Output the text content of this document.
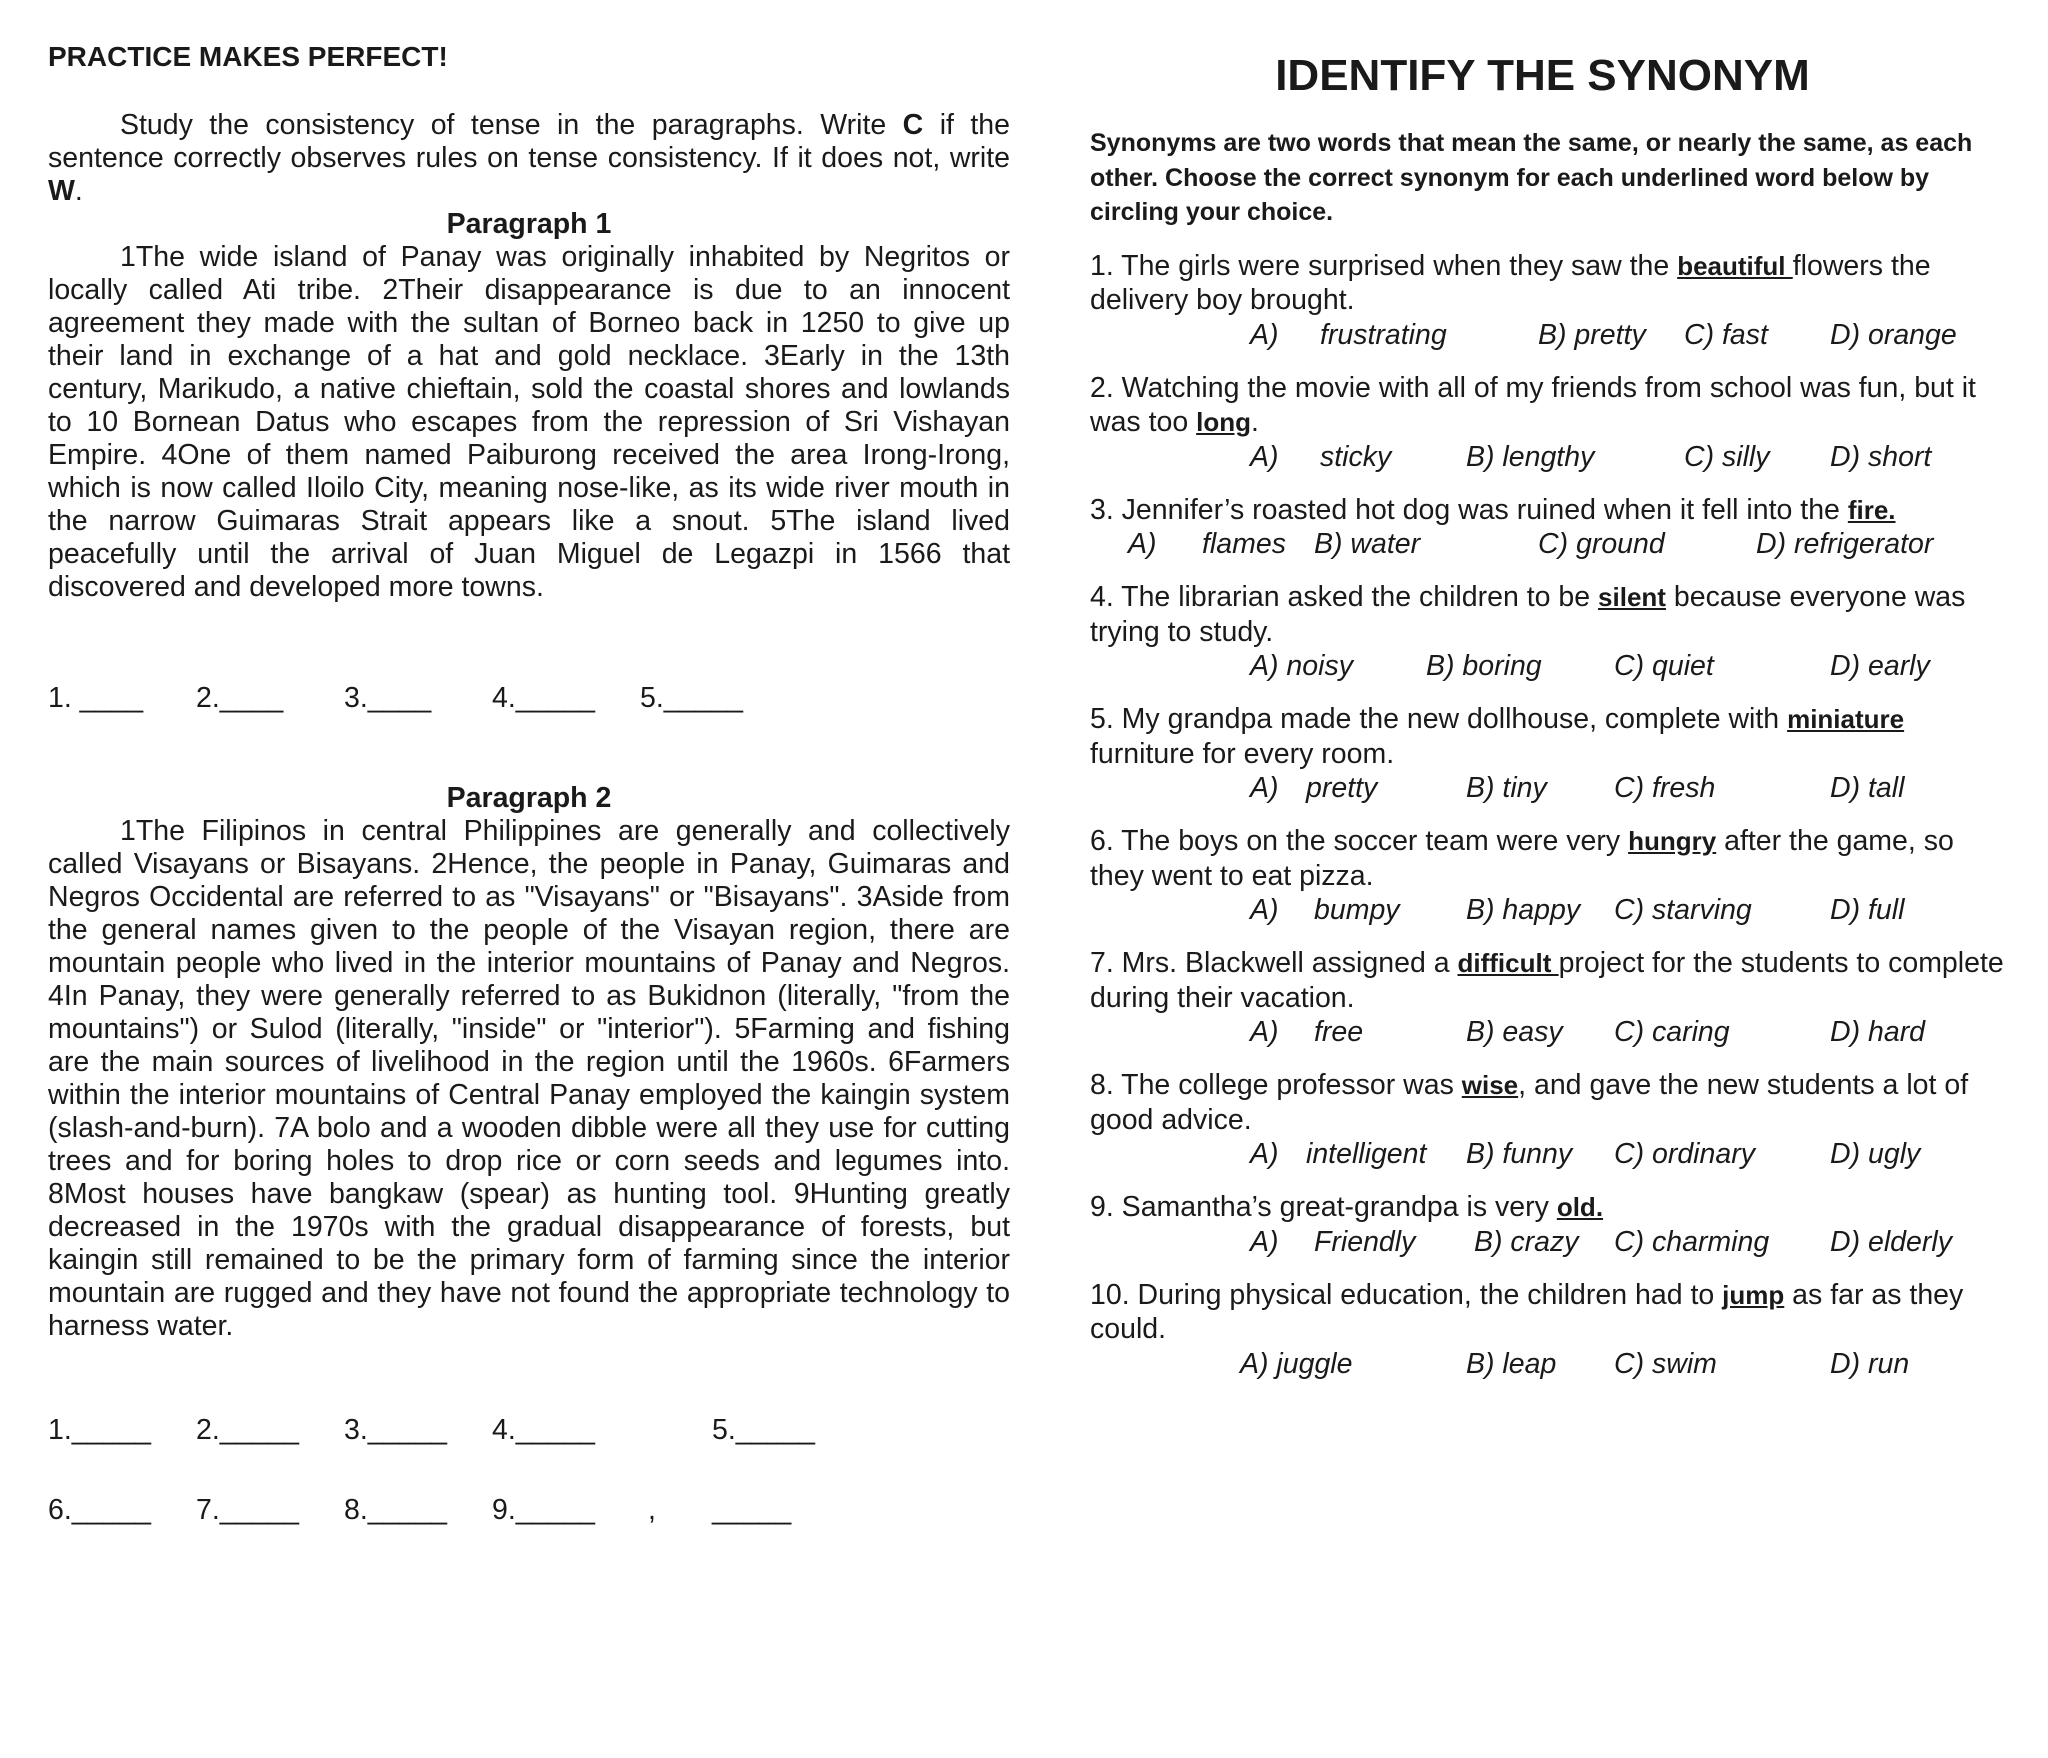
PRACTICE MAKES PERFECT!
Study the consistency of tense in the paragraphs. Write C if the sentence correctly observes rules on tense consistency. If it does not, write W.
Paragraph 1
1The wide island of Panay was originally inhabited by Negritos or locally called Ati tribe. 2Their disappearance is due to an innocent agreement they made with the sultan of Borneo back in 1250 to give up their land in exchange of a hat and gold necklace. 3Early in the 13th century, Marikudo, a native chieftain, sold the coastal shores and lowlands to 10 Bornean Datus who escapes from the repression of Sri Vishayan Empire. 4One of them named Paiburong received the area Irong-Irong, which is now called Iloilo City, meaning nose-like, as its wide river mouth in the narrow Guimaras Strait appears like a snout. 5The island lived peacefully until the arrival of Juan Miguel de Legazpi in 1566 that discovered and developed more towns.

1. ____

2.____

3.____

4._____

5._____

Paragraph 2
1The Filipinos in central Philippines are generally and collectively called Visayans or Bisayans. 2Hence, the people in Panay, Guimaras and Negros Occidental are referred to as "Visayans" or "Bisayans". 3Aside from the general names given to the people of the Visayan region, there are mountain people who lived in the interior mountains of Panay and Negros. 4In Panay, they were generally referred to as Bukidnon (literally, "from the mountains") or Sulod (literally, "inside" or "interior"). 5Farming and fishing are the main sources of livelihood in the region until the 1960s. 6Farmers within the interior mountains of Central Panay employed the kaingin system (slash-and-burn). 7A bolo and a wooden dibble were all they use for cutting trees and for boring holes to drop rice or corn seeds and legumes into. 8Most houses have bangkaw (spear) as hunting tool. 9Hunting greatly decreased in the 1970s with the gradual disappearance of forests, but kaingin still remained to be the primary form of farming since the interior mountain are rugged and they have not found the appropriate technology to harness water.

1._____

2._____

3._____

4._____

	5._____

6._____

7._____

8._____

9._____

,

_____

IDENTIFY THE SYNONYM
Synonyms are two words that mean the same, or nearly the same, as each other. Choose the correct synonym for each underlined word below by circling your choice.
1. The girls were surprised when they saw the beautiful flowers the delivery boy brought.
A) frustrating	B) pretty C) fast D) orange
2. Watching the movie with all of my friends from school was fun, but it was too long.
A) sticky	B) lengthy	C) silly D) short
3. Jennifer’s roasted hot dog was ruined when it fell into the fire.
A) flames B) water	C) ground	D) refrigerator
4. The librarian asked the children to be silent because everyone was trying to study.
A) noisy	B) boring	C) quiet	D) early
5. My grandpa made the new dollhouse, complete with miniature furniture for every room.
A) pretty	B) tiny C) fresh	D) tall
6. The boys on the soccer team were very hungry after the game, so they went to eat pizza.
A) bumpy B) happy C) starving	D) full
7. Mrs. Blackwell assigned a difficult project for the students to complete during their vacation.
A) free	B) easy C) caring	D) hard
8. The college professor was wise, and gave the new students a lot of good advice.
A) intelligent B) funny C) ordinary	D) ugly
9. Samantha’s great-grandpa is very old.
A) Friendly B) crazy C) charming D) elderly
10. During physical education, the children had to jump as far as they could.
A) juggle	B) leap C) swim	D) run
